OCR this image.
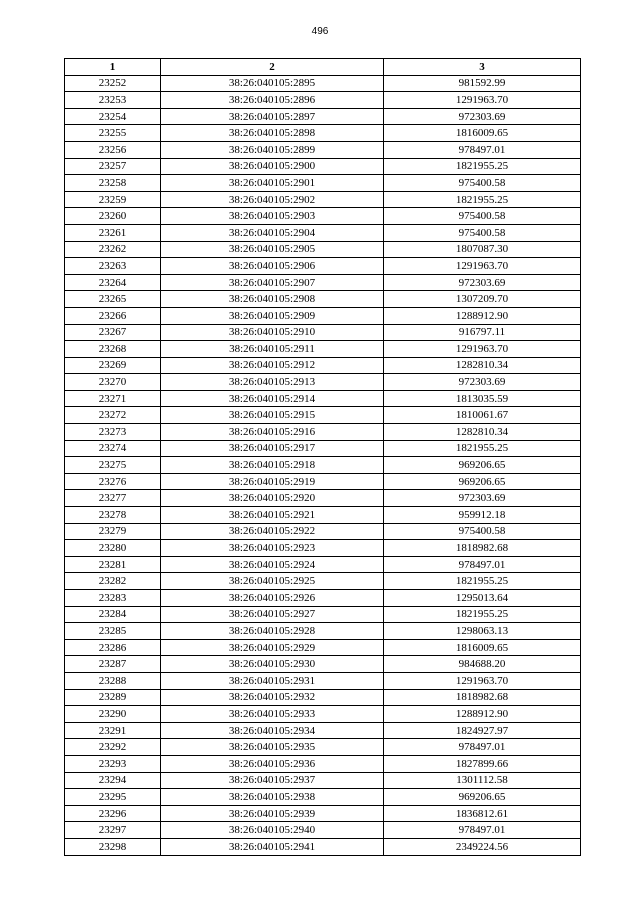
496
1	2	3
23252	38:26:040105:2895	981592.99
23253	38:26:040105:2896	1291963.70
23254	38:26:040105:2897	972303.69
23255	38:26:040105:2898	1816009.65
23256	38:26:040105:2899	978497.01
23257	38:26:040105:2900	1821955.25
23258	38:26:040105:2901	975400.58
23259	38:26:040105:2902	1821955.25
23260	38:26:040105:2903	975400.58
23261	38:26:040105:2904	975400.58
23262	38:26:040105:2905	1807087.30
23263	38:26:040105:2906	1291963.70
23264	38:26:040105:2907	972303.69
23265	38:26:040105:2908	1307209.70
23266	38:26:040105:2909	1288912.90
23267	38:26:040105:2910	916797.11
23268	38:26:040105:2911	1291963.70
23269	38:26:040105:2912	1282810.34
23270	38:26:040105:2913	972303.69
23271	38:26:040105:2914	1813035.59
23272	38:26:040105:2915	1810061.67
23273	38:26:040105:2916	1282810.34
23274	38:26:040105:2917	1821955.25
23275	38:26:040105:2918	969206.65
23276	38:26:040105:2919	969206.65
23277	38:26:040105:2920	972303.69
23278	38:26:040105:2921	959912.18
23279	38:26:040105:2922	975400.58
23280	38:26:040105:2923	1818982.68
23281	38:26:040105:2924	978497.01
23282	38:26:040105:2925	1821955.25
23283	38:26:040105:2926	1295013.64
23284	38:26:040105:2927	1821955.25
23285	38:26:040105:2928	1298063.13
23286	38:26:040105:2929	1816009.65
23287	38:26:040105:2930	984688.20
23288	38:26:040105:2931	1291963.70
23289	38:26:040105:2932	1818982.68
23290	38:26:040105:2933	1288912.90
23291	38:26:040105:2934	1824927.97
23292	38:26:040105:2935	978497.01
23293	38:26:040105:2936	1827899.66
23294	38:26:040105:2937	1301112.58
23295	38:26:040105:2938	969206.65
23296	38:26:040105:2939	1836812.61
23297	38:26:040105:2940	978497.01
23298	38:26:040105:2941	2349224.56
